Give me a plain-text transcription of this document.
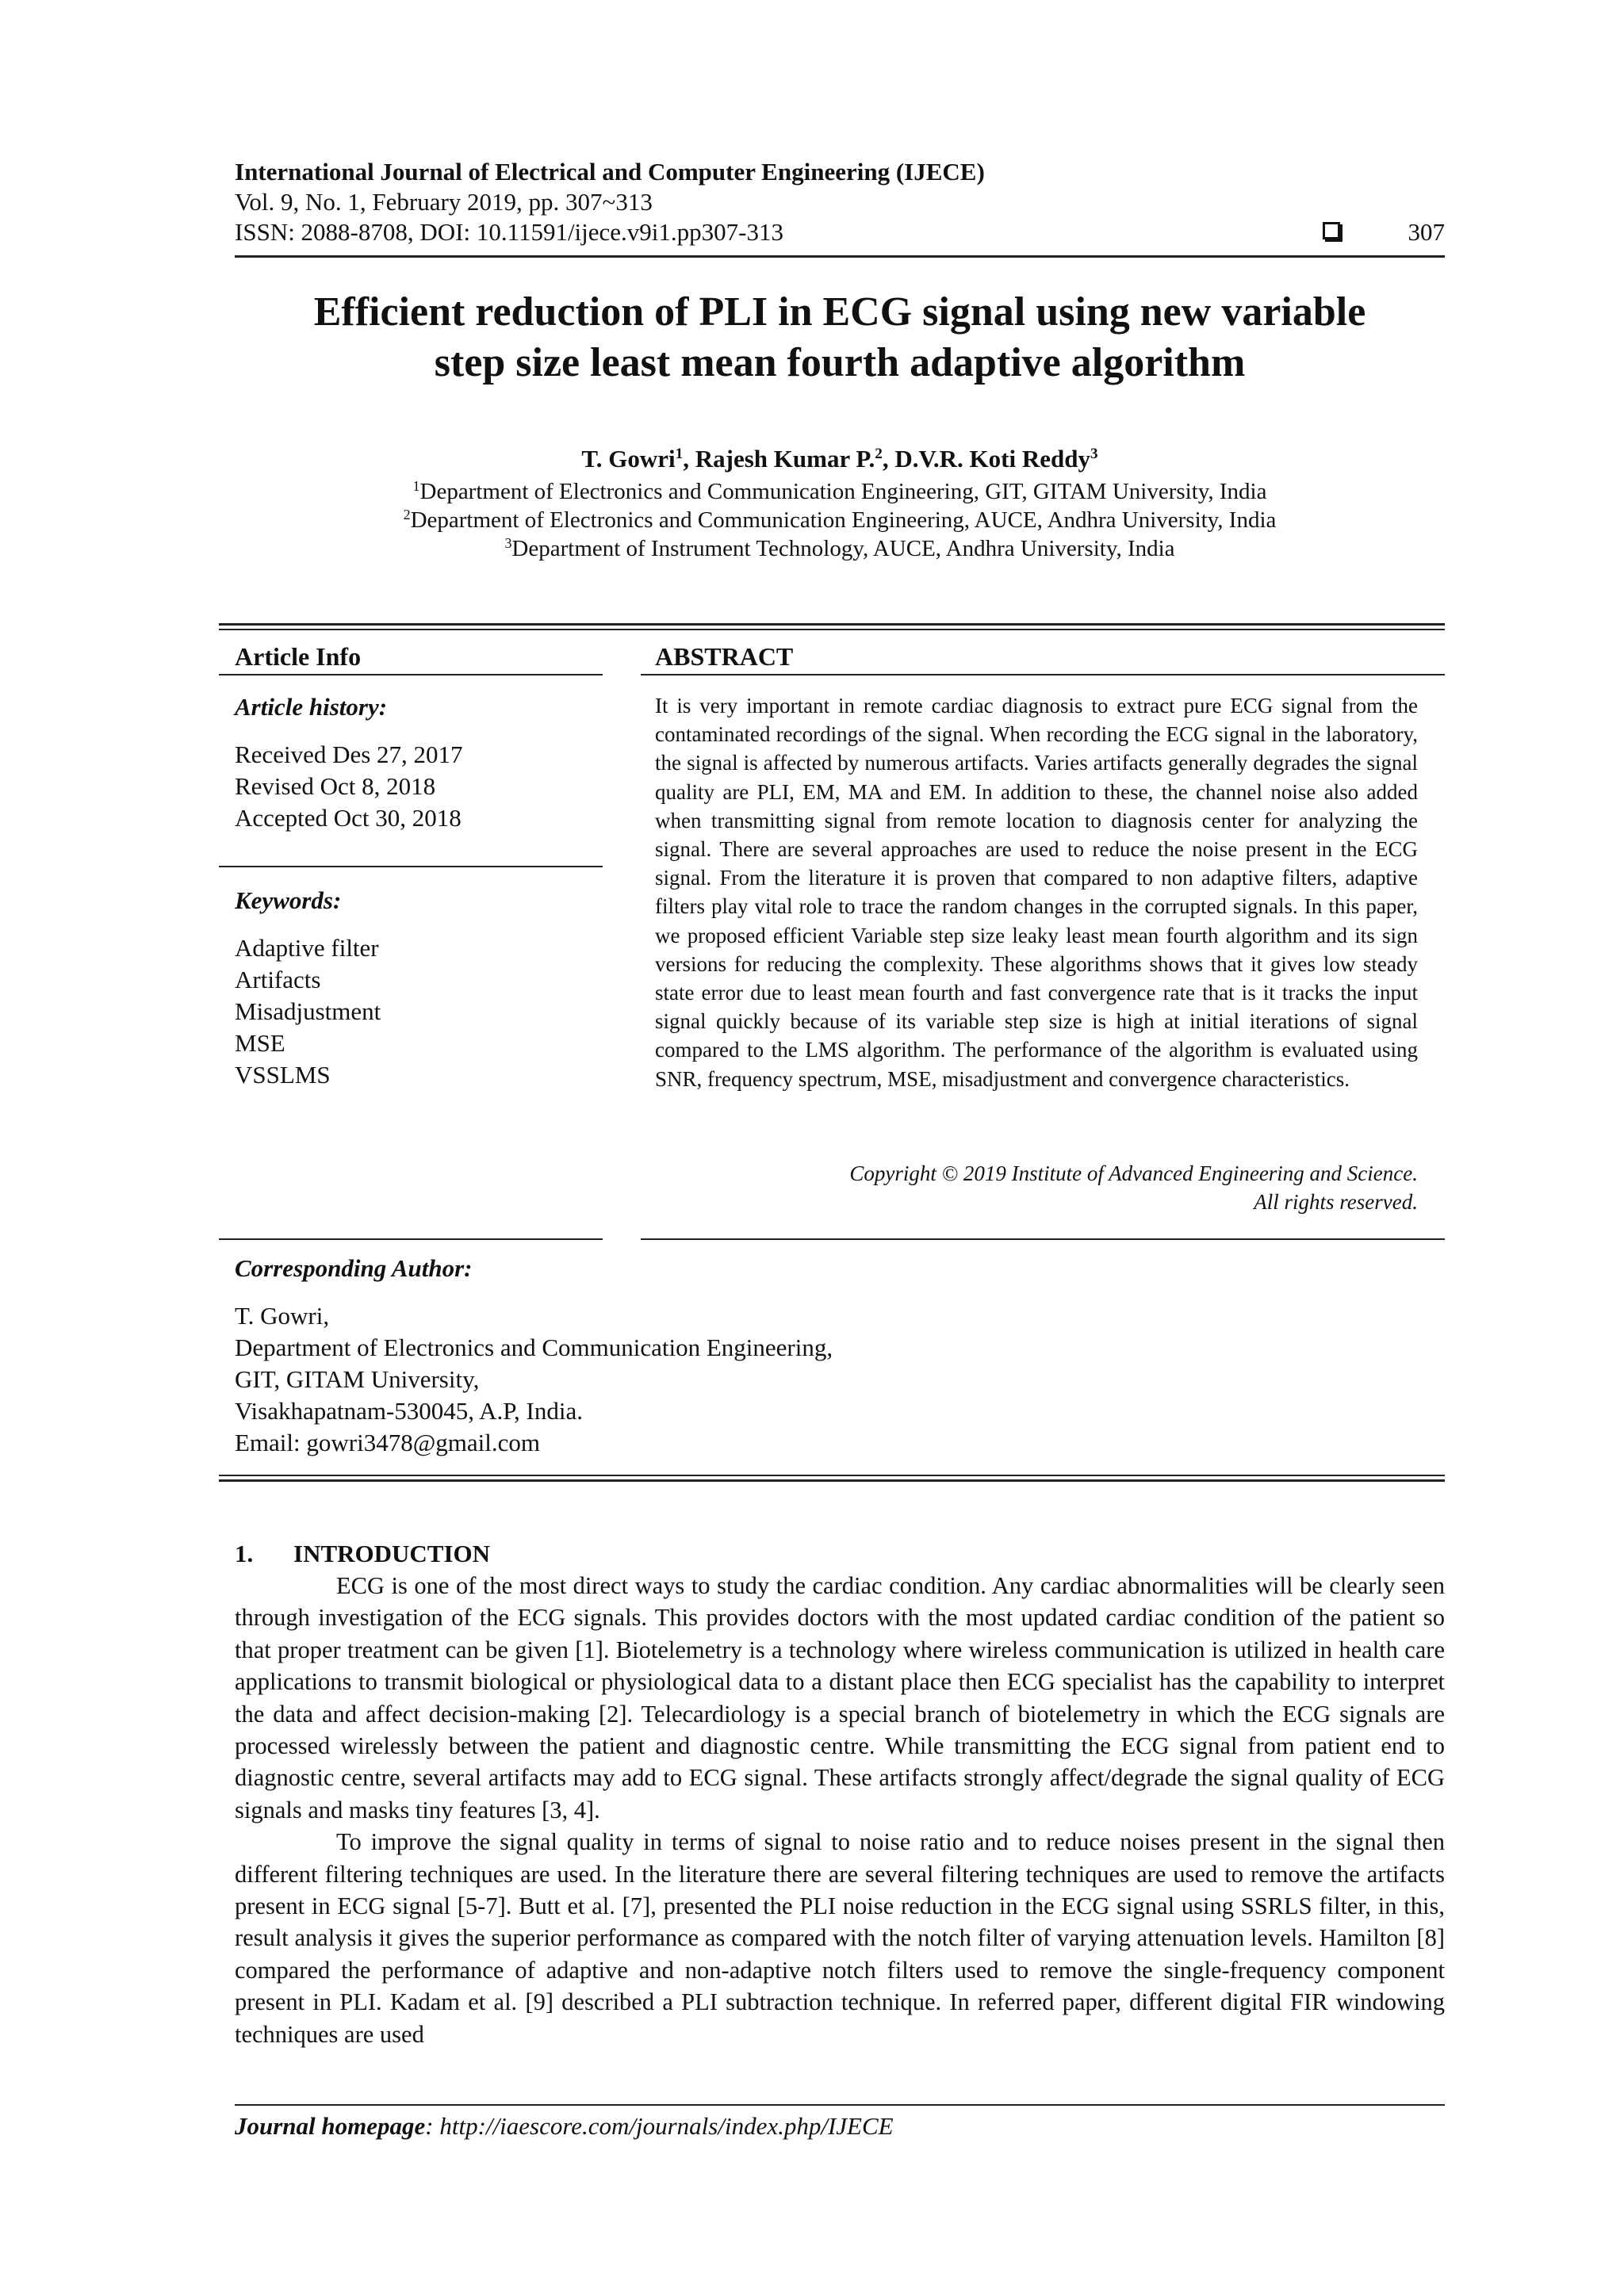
International Journal of Electrical and Computer Engineering (IJECE)
Vol. 9, No. 1, February 2019, pp. 307~313
ISSN: 2088-8708, DOI: 10.11591/ijece.v9i1.pp307-313	307
Efficient reduction of PLI in ECG signal using new variable
step size least mean fourth adaptive algorithm
T. Gowri$^1$, Rajesh Kumar P.$^2$, D.V.R. Koti Reddy$^3$
$^1$Department of Electronics and Communication Engineering, GIT, GITAM University, India
$^2$Department of Electronics and Communication Engineering, AUCE, Andhra University, India
$^3$Department of Instrument Technology, AUCE, Andhra University, India
Article Info
Article history:
Received Des 27, 2017
Revised Oct 8, 2018
Accepted Oct 30, 2018
Keywords:
Adaptive filter
Artifacts
Misadjustment
MSE
VSSLMS
ABSTRACT
It is very important in remote cardiac diagnosis to extract pure ECG signal from the contaminated recordings of the signal. When recording the ECG signal in the laboratory, the signal is affected by numerous artifacts. Varies artifacts generally degrades the signal quality are PLI, EM, MA and EM. In addition to these, the channel noise also added when transmitting signal from remote location to diagnosis center for analyzing the signal. There are several approaches are used to reduce the noise present in the ECG signal. From the literature it is proven that compared to non adaptive filters, adaptive filters play vital role to trace the random changes in the corrupted signals. In this paper, we proposed efficient Variable step size leaky least mean fourth algorithm and its sign versions for reducing the complexity. These algorithms shows that it gives low steady state error due to least mean fourth and fast convergence rate that is it tracks the input signal quickly because of its variable step size is high at initial iterations of signal compared to the LMS algorithm. The performance of the algorithm is evaluated using SNR, frequency spectrum, MSE, misadjustment and convergence characteristics.
Copyright © 2019 Institute of Advanced Engineering and Science.
All rights reserved.
Corresponding Author:
T. Gowri,
Department of Electronics and Communication Engineering,
GIT, GITAM University,
Visakhapatnam-530045, A.P, India.
Email: gowri3478@gmail.com
1. INTRODUCTION

ECG is one of the most direct ways to study the cardiac condition. Any cardiac abnormalities will be clearly seen through investigation of the ECG signals. This provides doctors with the most updated cardiac condition of the patient so that proper treatment can be given [1]. Biotelemetry is a technology where wireless communication is utilized in health care applications to transmit biological or physiological data to a distant place then ECG specialist has the capability to interpret the data and affect decision-making [2]. Telecardiology is a special branch of biotelemetry in which the ECG signals are processed wirelessly between the patient and diagnostic centre. While transmitting the ECG signal from patient end to diagnostic centre, several artifacts may add to ECG signal. These artifacts strongly affect/degrade the signal quality of ECG signals and masks tiny features [3, 4].

To improve the signal quality in terms of signal to noise ratio and to reduce noises present in the signal then different filtering techniques are used. In the literature there are several filtering techniques are used to remove the artifacts present in ECG signal [5-7]. Butt et al. [7], presented the PLI noise reduction in the ECG signal using SSRLS filter, in this, result analysis it gives the superior performance as compared with the notch filter of varying attenuation levels. Hamilton [8] compared the performance of adaptive and non-adaptive notch filters used to remove the single-frequency component present in PLI. Kadam et al. [9] described a PLI subtraction technique. In referred paper, different digital FIR windowing techniques are used

Journal homepage: http://iaescore.com/journals/index.php/IJECE
